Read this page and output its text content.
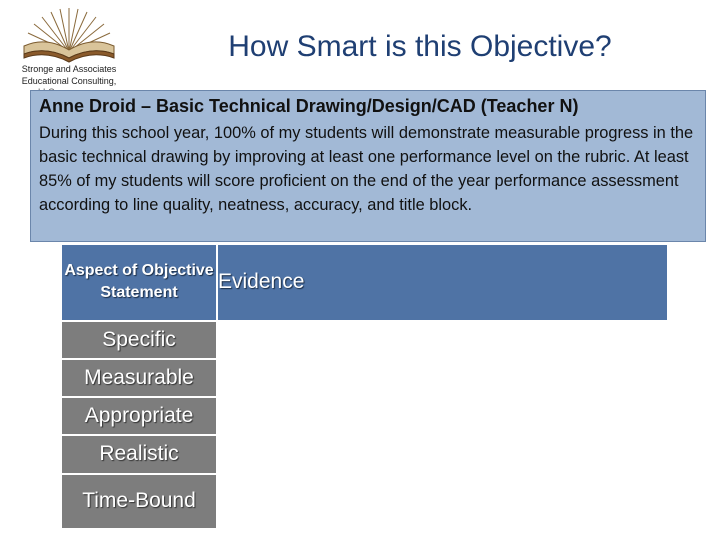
Stronge and Associates
Educational Consulting,
How Smart is this Objective?
Anne Droid – Basic Technical Drawing/Design/CAD (Teacher N)
During this school year, 100% of my students will demonstrate measurable progress in the basic technical drawing by improving at least one performance level on the rubric. At least 85% of my students will score proficient on the end of the year performance assessment according to line quality, neatness, accuracy, and title block.
Aspect of Objective Statement	Evidence
Specific	
Measurable	
Appropriate	
Realistic	
Time-Bound	
